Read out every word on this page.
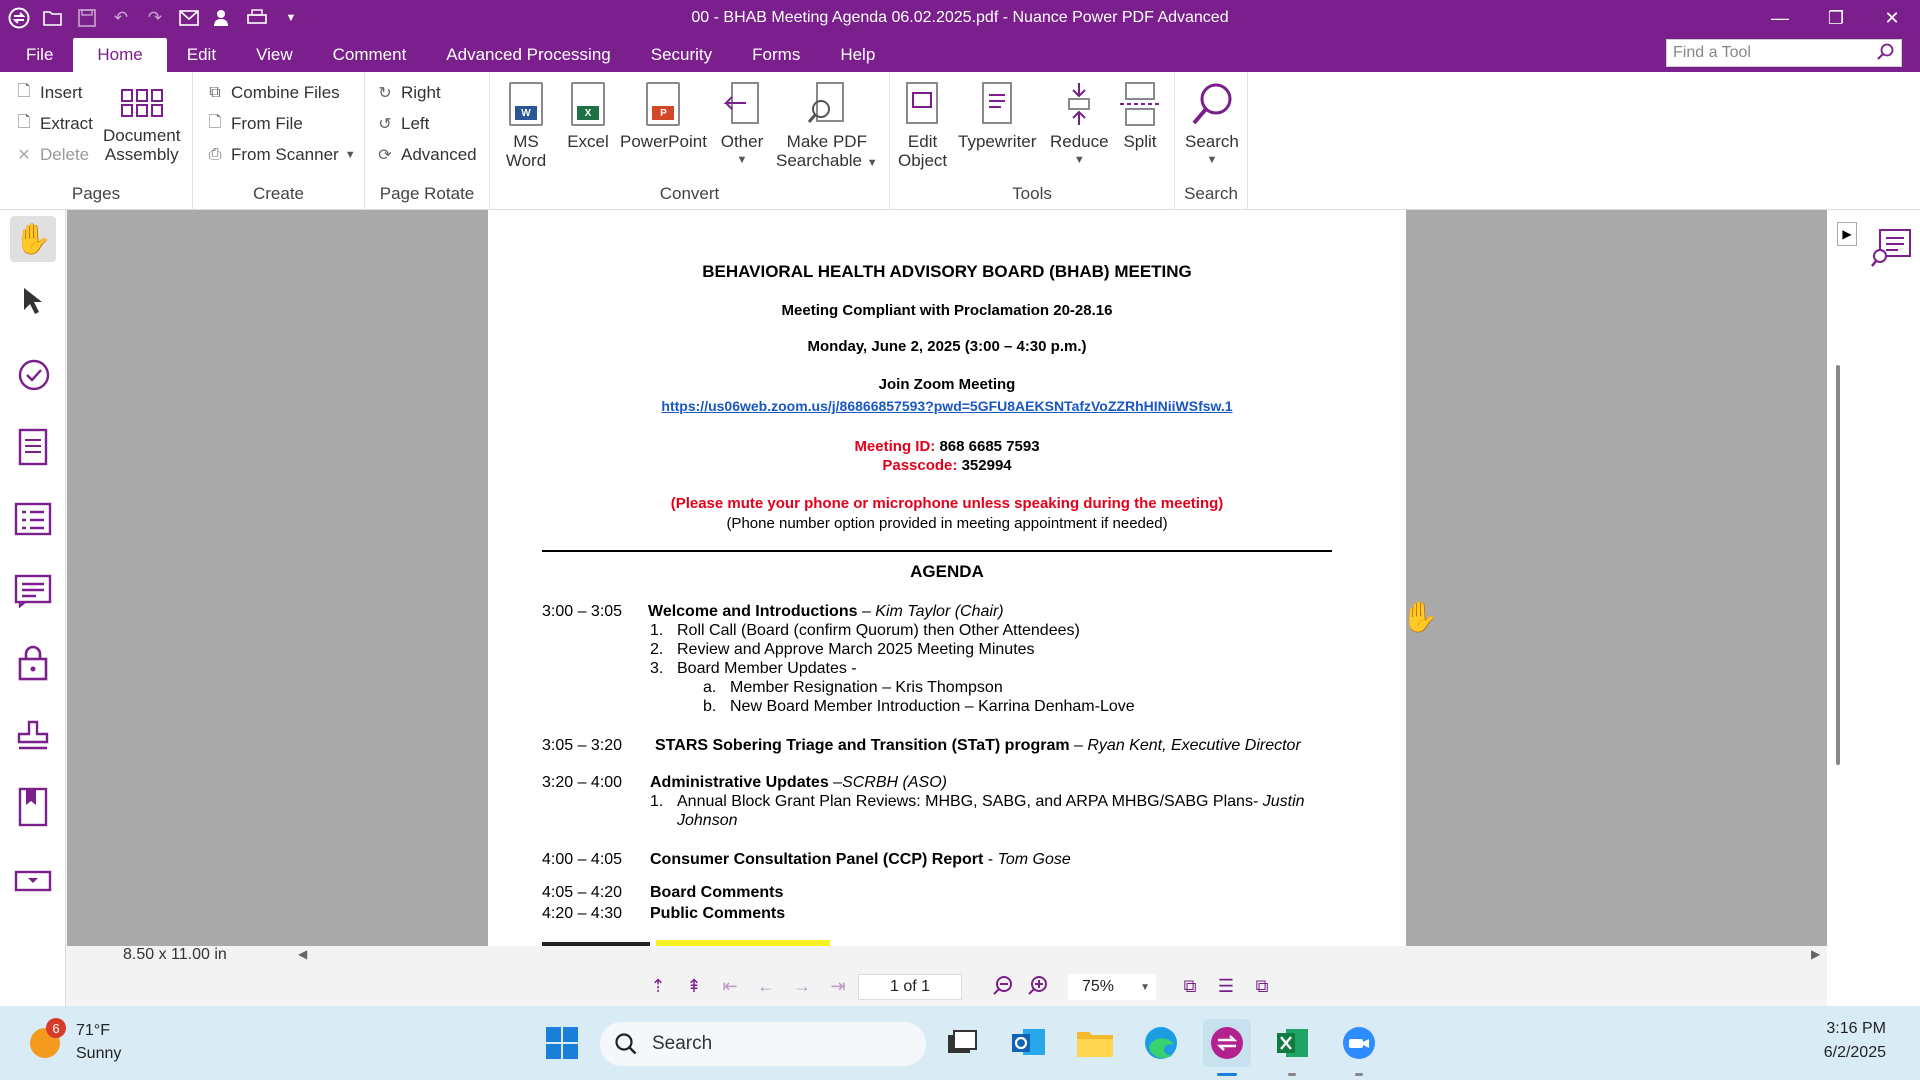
↶	↷	▼	00 - BHAB Meeting Agenda 06.02.2025.pdf - Nuance Power PDF Advanced	—	❐	✕
File	Home	Edit	View	Comment	Advanced Processing	Security	Forms	Help	Find a Tool
🗋 Insert
🗋 Extract
✕ Delete
Document
Assembly
Pages
⧉ Combine Files
🗋 From File
⎙ From Scanner ▼
Create
↻ Right
↺ Left
⟳ Advanced
Page Rotate
W
MS
Word
X
Excel
P
PowerPoint Other
▼
Make PDF
Searchable ▼
Convert
Edit
Object
Typewriter Reduce
▼
Split
Tools
Search
▼
Search
✋
BEHAVIORAL HEALTH ADVISORY BOARD (BHAB) MEETING
Meeting Compliant with Proclamation 20-28.16
Monday, June 2, 2025 (3:00 – 4:30 p.m.)
Join Zoom Meeting
https://us06web.zoom.us/j/86866857593?pwd=5GFU8AEKSNTafzVoZZRhHINiiWSfsw.1
Meeting ID: 868 6685 7593
Passcode: 352994
(Please mute your phone or microphone unless speaking during the meeting)
(Phone number option provided in meeting appointment if needed)
AGENDA
3:00 – 3:05 Welcome and Introductions – Kim Taylor (Chair)
1. Roll Call (Board (confirm Quorum) then Other Attendees)
2. Review and Approve March 2025 Meeting Minutes
3. Board Member Updates -
a. Member Resignation – Kris Thompson
b. New Board Member Introduction – Karrina Denham-Love
3:05 – 3:20 STARS Sobering Triage and Transition (STaT) program – Ryan Kent, Executive Director
3:20 – 4:00 Administrative Updates –SCRBH (ASO)
1. Annual Block Grant Plan Reviews: MHBG, SABG, and ARPA MHBG/SABG Plans- Justin
Johnson
4:00 – 4:05 Consumer Consultation Panel (CCP) Report - Tom Gose
4:05 – 4:20 Board Comments
4:20 – 4:30 Public Comments
✋
▶
8.50 x 11.00 in	◀	▶
⇡	⇞	⇤	←	→	⇥	1 of 1	75%	▼	⧉	☰	⧉
6	71°F
Sunny	Search
3:16 PM
6/2/2025
